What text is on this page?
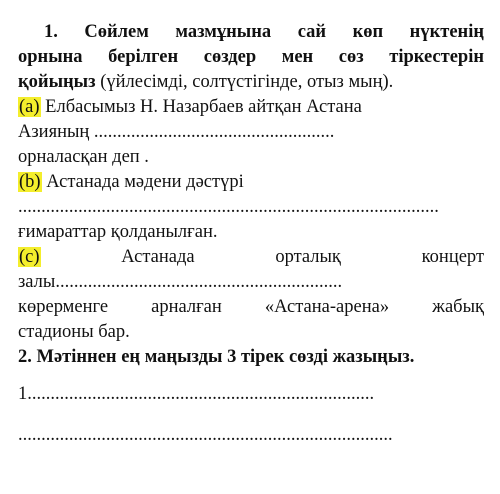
1. Сөйлем мазмұнына сай көп нүктенің
орнына берілген сөздер мен сөз тіркестерін
қойыңыз (үйлесімді, солтүстігінде, отыз мың).
(а) Елбасымыз Н. Назарбаев айтқан Астана
Азияның ....................................................
орналасқан деп .
(b) Астанада мәдени дәстүрі
...........................................................................................
ғимараттар қолданылған.
(с)	Астанада	орталық	концерт
залы..............................................................
көрерменге арналған «Астана-арена» жабық
стадионы бар.
2. Мәтіннен ең маңызды 3 тірек сөзді жазыңыз.
1...........................................................................
.................................................................................
